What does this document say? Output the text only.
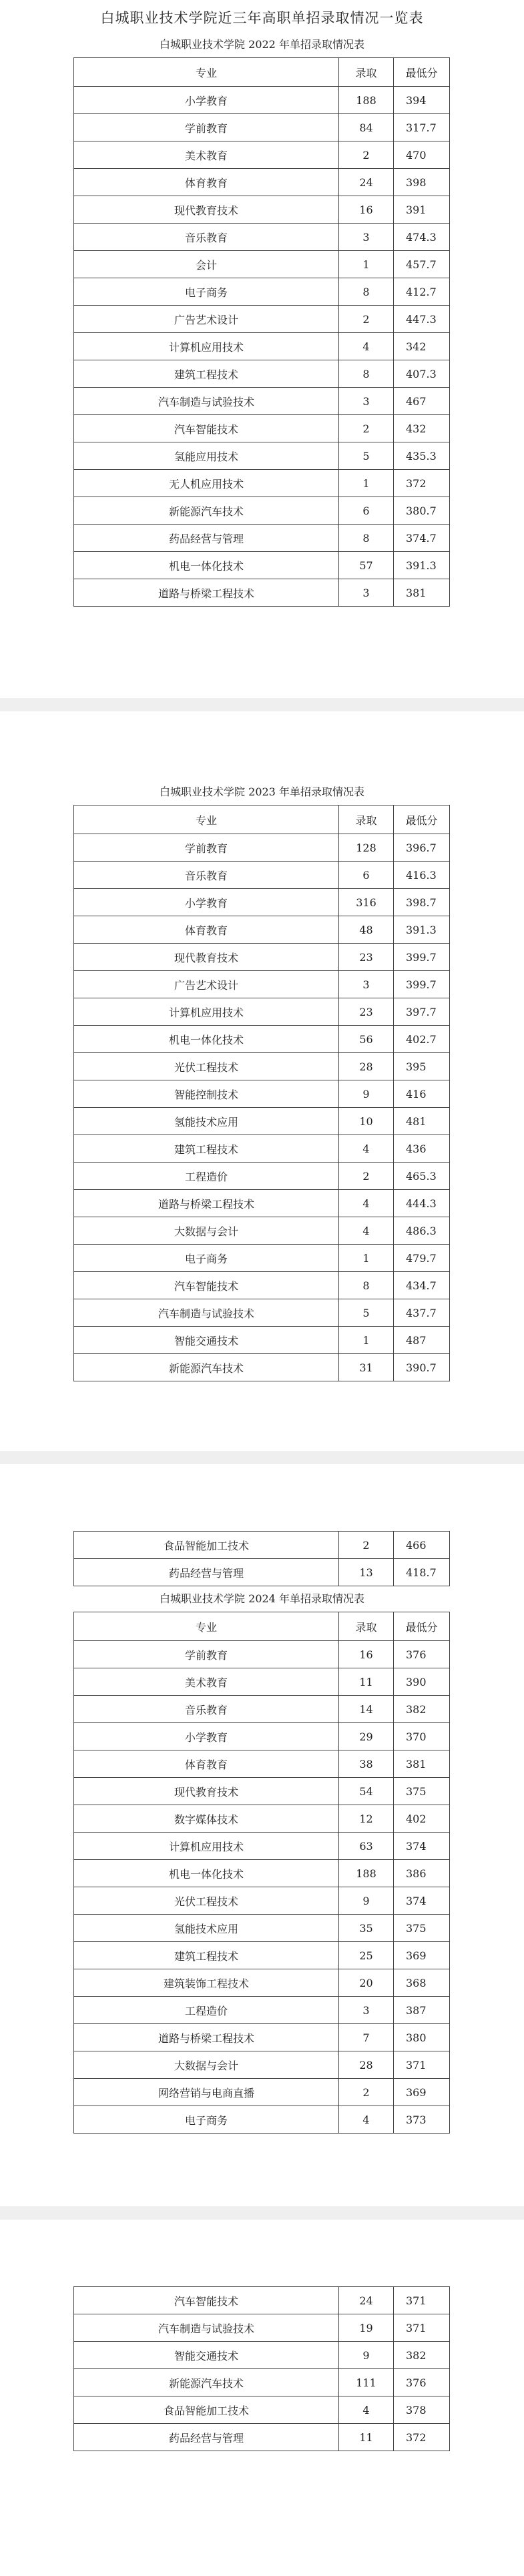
白城职业技术学院近三年高职单招录取情况一览表
白城职业技术学院 2022 年单招录取情况表
专业	录取	最低分
小学教育	188	394
学前教育	84	317.7
美术教育	2	470
体育教育	24	398
现代教育技术	16	391
音乐教育	3	474.3
会计	1	457.7
电子商务	8	412.7
广告艺术设计	2	447.3
计算机应用技术	4	342
建筑工程技术	8	407.3
汽车制造与试验技术	3	467
汽车智能技术	2	432
氢能应用技术	5	435.3
无人机应用技术	1	372
新能源汽车技术	6	380.7
药品经营与管理	8	374.7
机电一体化技术	57	391.3
道路与桥梁工程技术	3	381
白城职业技术学院 2023 年单招录取情况表
专业	录取	最低分
学前教育	128	396.7
音乐教育	6	416.3
小学教育	316	398.7
体育教育	48	391.3
现代教育技术	23	399.7
广告艺术设计	3	399.7
计算机应用技术	23	397.7
机电一体化技术	56	402.7
光伏工程技术	28	395
智能控制技术	9	416
氢能技术应用	10	481
建筑工程技术	4	436
工程造价	2	465.3
道路与桥梁工程技术	4	444.3
大数据与会计	4	486.3
电子商务	1	479.7
汽车智能技术	8	434.7
汽车制造与试验技术	5	437.7
智能交通技术	1	487
新能源汽车技术	31	390.7
食品智能加工技术	2	466
药品经营与管理	13	418.7
白城职业技术学院 2024 年单招录取情况表
专业	录取	最低分
学前教育	16	376
美术教育	11	390
音乐教育	14	382
小学教育	29	370
体育教育	38	381
现代教育技术	54	375
数字媒体技术	12	402
计算机应用技术	63	374
机电一体化技术	188	386
光伏工程技术	9	374
氢能技术应用	35	375
建筑工程技术	25	369
建筑装饰工程技术	20	368
工程造价	3	387
道路与桥梁工程技术	7	380
大数据与会计	28	371
网络营销与电商直播	2	369
电子商务	4	373
汽车智能技术	24	371
汽车制造与试验技术	19	371
智能交通技术	9	382
新能源汽车技术	111	376
食品智能加工技术	4	378
药品经营与管理	11	372
